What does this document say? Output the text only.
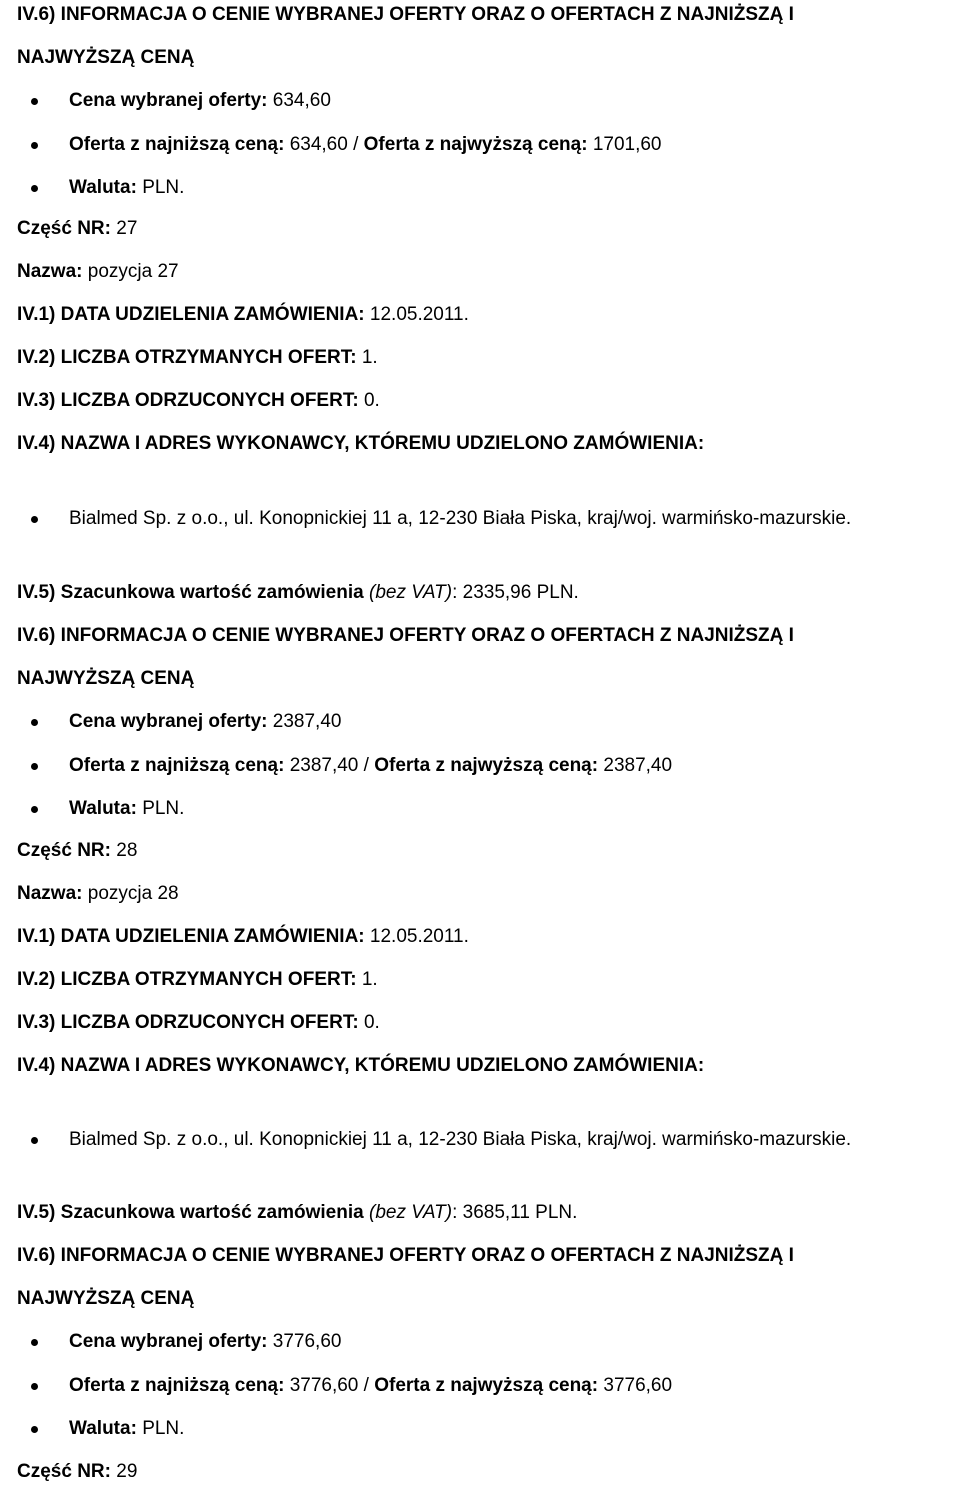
IV.6) INFORMACJA O CENIE WYBRANEJ OFERTY ORAZ O OFERTACH Z NAJNIŻSZĄ I
NAJWYŻSZĄ CENĄ
Cena wybranej oferty: 634,60
Oferta z najniższą ceną: 634,60 / Oferta z najwyższą ceną: 1701,60
Waluta: PLN.
Część NR: 27
Nazwa: pozycja 27
IV.1) DATA UDZIELENIA ZAMÓWIENIA: 12.05.2011.
IV.2) LICZBA OTRZYMANYCH OFERT: 1.
IV.3) LICZBA ODRZUCONYCH OFERT: 0.
IV.4) NAZWA I ADRES WYKONAWCY, KTÓREMU UDZIELONO ZAMÓWIENIA:
Bialmed Sp. z o.o., ul. Konopnickiej 11 a, 12-230 Biała Piska, kraj/woj. warmińsko-mazurskie.
IV.5) Szacunkowa wartość zamówienia (bez VAT): 2335,96 PLN.
IV.6) INFORMACJA O CENIE WYBRANEJ OFERTY ORAZ O OFERTACH Z NAJNIŻSZĄ I
NAJWYŻSZĄ CENĄ
Cena wybranej oferty: 2387,40
Oferta z najniższą ceną: 2387,40 / Oferta z najwyższą ceną: 2387,40
Waluta: PLN.
Część NR: 28
Nazwa: pozycja 28
IV.1) DATA UDZIELENIA ZAMÓWIENIA: 12.05.2011.
IV.2) LICZBA OTRZYMANYCH OFERT: 1.
IV.3) LICZBA ODRZUCONYCH OFERT: 0.
IV.4) NAZWA I ADRES WYKONAWCY, KTÓREMU UDZIELONO ZAMÓWIENIA:
Bialmed Sp. z o.o., ul. Konopnickiej 11 a, 12-230 Biała Piska, kraj/woj. warmińsko-mazurskie.
IV.5) Szacunkowa wartość zamówienia (bez VAT): 3685,11 PLN.
IV.6) INFORMACJA O CENIE WYBRANEJ OFERTY ORAZ O OFERTACH Z NAJNIŻSZĄ I
NAJWYŻSZĄ CENĄ
Cena wybranej oferty: 3776,60
Oferta z najniższą ceną: 3776,60 / Oferta z najwyższą ceną: 3776,60
Waluta: PLN.
Część NR: 29
